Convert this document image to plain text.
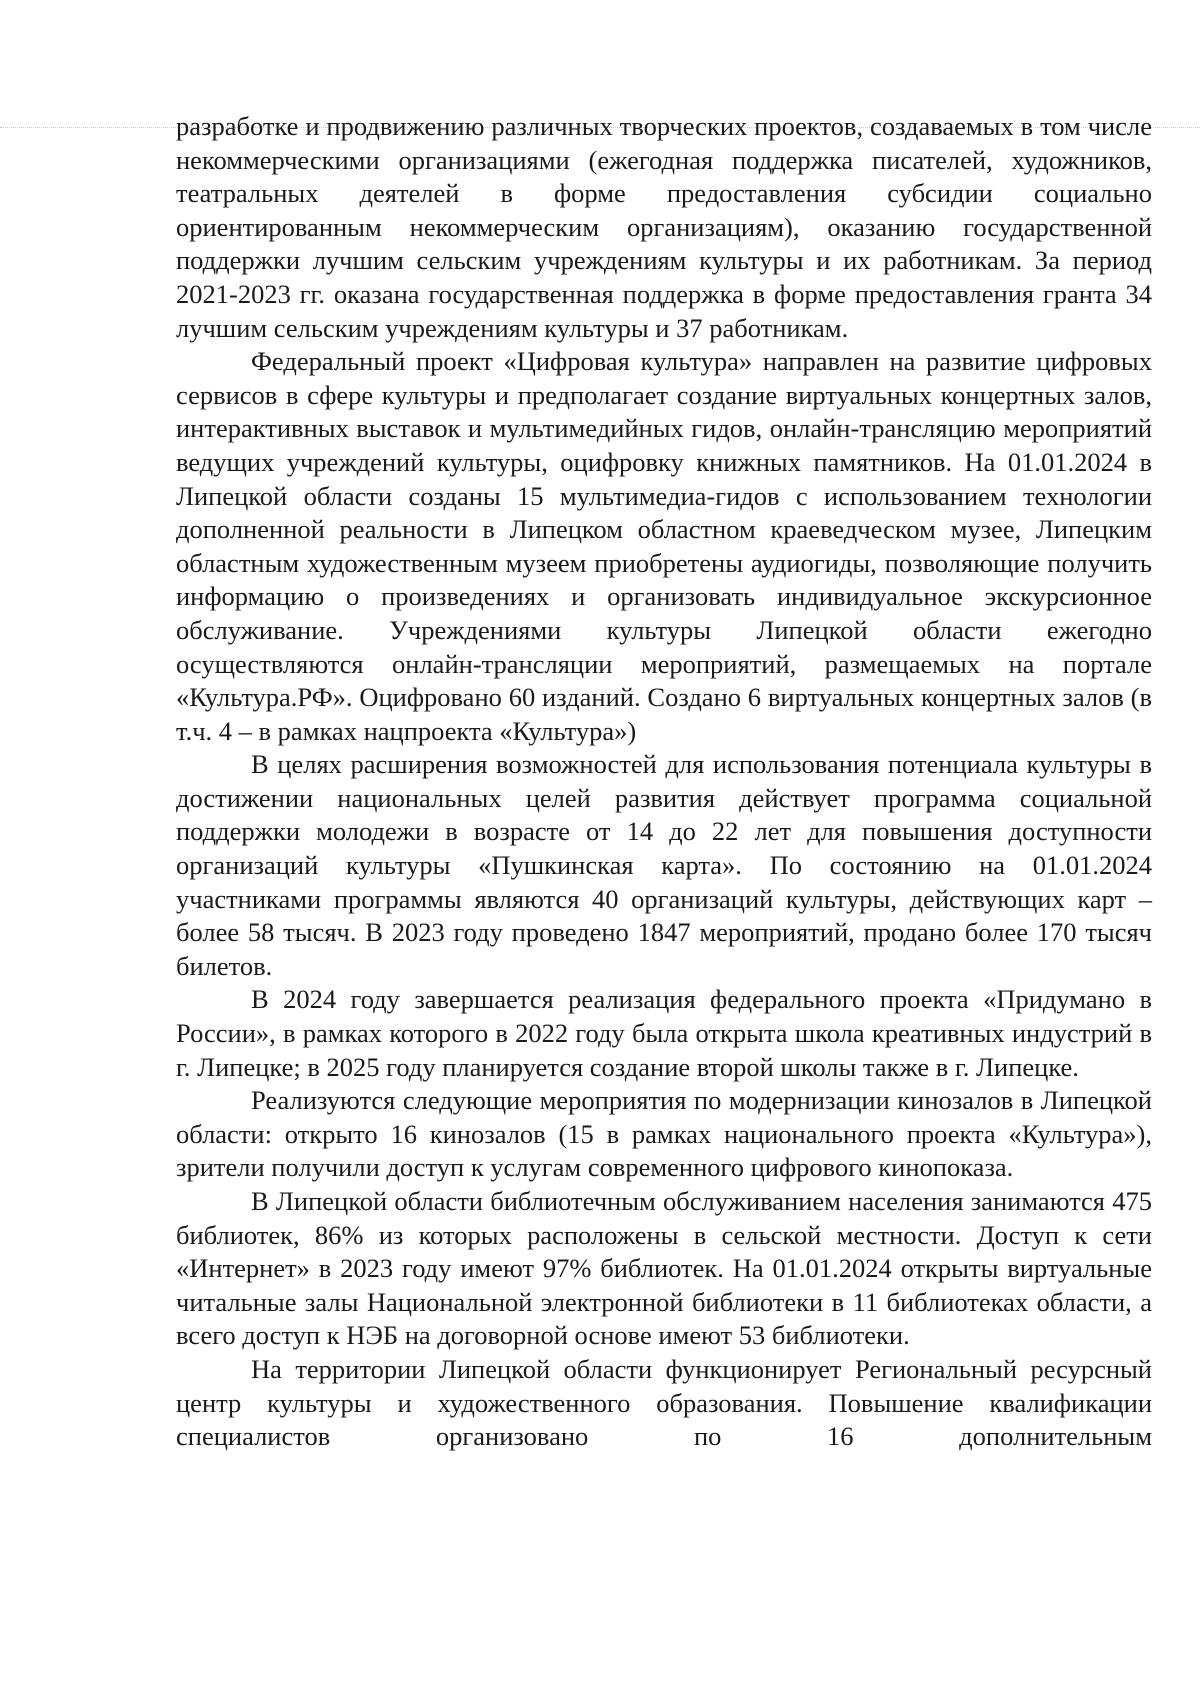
разработке и продвижению различных творческих проектов, создаваемых в том числе некоммерческими организациями (ежегодная поддержка писателей, художников, театральных деятелей в форме предоставления субсидии социально ориентированным некоммерческим организациям), оказанию государственной поддержки лучшим сельским учреждениям культуры и их работникам. За период 2021-2023 гг. оказана государственная поддержка в форме предоставления гранта 34 лучшим сельским учреждениям культуры и 37 работникам.

Федеральный проект «Цифровая культура» направлен на развитие цифровых сервисов в сфере культуры и предполагает создание виртуальных концертных залов, интерактивных выставок и мультимедийных гидов, онлайн-трансляцию мероприятий ведущих учреждений культуры, оцифровку книжных памятников. На 01.01.2024 в Липецкой области созданы 15 мультимедиа-гидов с использованием технологии дополненной реальности в Липецком областном краеведческом музее, Липецким областным художественным музеем приобретены аудиогиды, позволяющие получить информацию о произведениях и организовать индивидуальное экскурсионное обслуживание. Учреждениями культуры Липецкой области ежегодно осуществляются онлайн-трансляции мероприятий, размещаемых на портале «Культура.РФ». Оцифровано 60 изданий. Создано 6 виртуальных концертных залов (в т.ч. 4 – в рамках нацпроекта «Культура»)

В целях расширения возможностей для использования потенциала культуры в достижении национальных целей развития действует программа социальной поддержки молодежи в возрасте от 14 до 22 лет для повышения доступности организаций культуры «Пушкинская карта». По состоянию на 01.01.2024 участниками программы являются 40 организаций культуры, действующих карт – более 58 тысяч. В 2023 году проведено 1847 мероприятий, продано более 170 тысяч билетов.

В 2024 году завершается реализация федерального проекта «Придумано в России», в рамках которого в 2022 году была открыта школа креативных индустрий в г. Липецке; в 2025 году планируется создание второй школы также в г. Липецке.

Реализуются следующие мероприятия по модернизации кинозалов в Липецкой области: открыто 16 кинозалов (15 в рамках национального проекта «Культура»), зрители получили доступ к услугам современного цифрового кинопоказа.

В Липецкой области библиотечным обслуживанием населения занимаются 475 библиотек, 86% из которых расположены в сельской местности. Доступ к сети «Интернет» в 2023 году имеют 97% библиотек. На 01.01.2024 открыты виртуальные читальные залы Национальной электронной библиотеки в 11 библиотеках области, а всего доступ к НЭБ на договорной основе имеют 53 библиотеки.

На территории Липецкой области функционирует Региональный ресурсный центр культуры и художественного образования. Повышение квалификации специалистов организовано по 16 дополнительным
